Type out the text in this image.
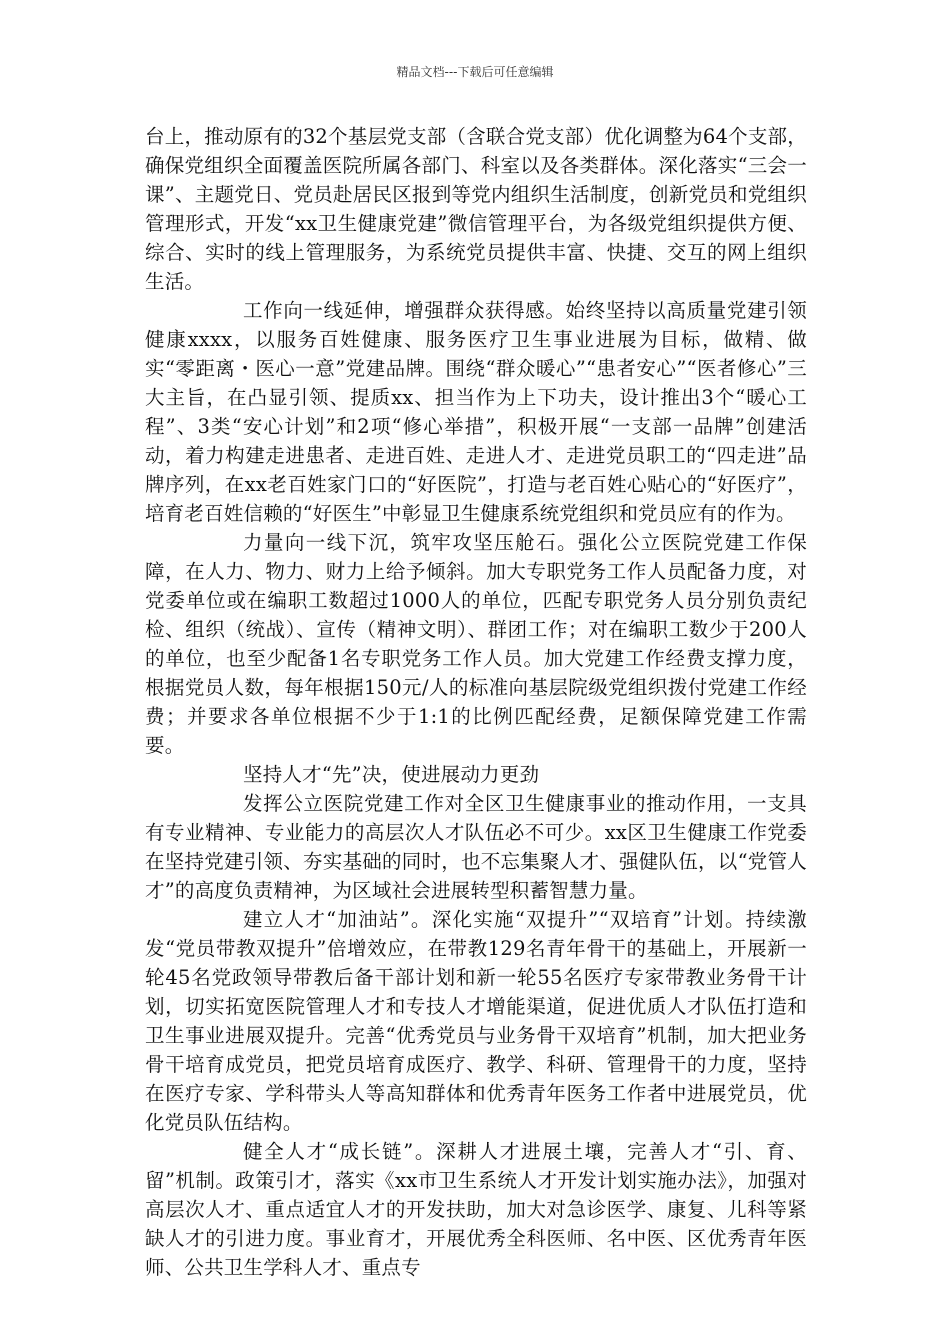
精品文档---下载后可任意编辑

台上，推动原有的32个基层党支部（含联合党支部）优化调整为64个支部，确保党组织全面覆盖医院所属各部门、科室以及各类群体。深化落实“三会一课”、主题党日、党员赴居民区报到等党内组织生活制度，创新党员和党组织管理形式，开发“xx卫生健康党建”微信管理平台，为各级党组织提供方便、综合、实时的线上管理服务，为系统党员提供丰富、快捷、交互的网上组织生活。

工作向一线延伸，增强群众获得感。始终坚持以高质量党建引领健康xxxx，以服务百姓健康、服务医疗卫生事业进展为目标，做精、做实“零距离・医心一意”党建品牌。围绕“群众暖心”“患者安心”“医者修心”三大主旨，在凸显引领、提质xx、担当作为上下功夫，设计推出3个“暖心工程”、3类“安心计划”和2项“修心举措”，积极开展“一支部一品牌”创建活动，着力构建走进患者、走进百姓、走进人才、走进党员职工的“四走进”品牌序列，在xx老百姓家门口的“好医院”，打造与老百姓心贴心的“好医疗”，培育老百姓信赖的“好医生”中彰显卫生健康系统党组织和党员应有的作为。

力量向一线下沉，筑牢攻坚压舱石。强化公立医院党建工作保障，在人力、物力、财力上给予倾斜。加大专职党务工作人员配备力度，对党委单位或在编职工数超过1000人的单位，匹配专职党务人员分别负责纪检、组织（统战）、宣传（精神文明）、群团工作；对在编职工数少于200人的单位，也至少配备1名专职党务工作人员。加大党建工作经费支撑力度，根据党员人数，每年根据150元/人的标准向基层院级党组织拨付党建工作经费；并要求各单位根据不少于1:1的比例匹配经费，足额保障党建工作需要。

坚持人才“先”决，使进展动力更劲

发挥公立医院党建工作对全区卫生健康事业的推动作用，一支具有专业精神、专业能力的高层次人才队伍必不可少。xx区卫生健康工作党委在坚持党建引领、夯实基础的同时，也不忘集聚人才、强健队伍，以“党管人才”的高度负责精神，为区域社会进展转型积蓄智慧力量。

建立人才“加油站”。深化实施“双提升”“双培育”计划。持续激发“党员带教双提升”倍增效应，在带教129名青年骨干的基础上，开展新一轮45名党政领导带教后备干部计划和新一轮55名医疗专家带教业务骨干计划，切实拓宽医院管理人才和专技人才增能渠道，促进优质人才队伍打造和卫生事业进展双提升。完善“优秀党员与业务骨干双培育”机制，加大把业务骨干培育成党员，把党员培育成医疗、教学、科研、管理骨干的力度，坚持在医疗专家、学科带头人等高知群体和优秀青年医务工作者中进展党员，优化党员队伍结构。

健全人才“成长链”。深耕人才进展土壤，完善人才“引、育、留”机制。政策引才，落实《xx市卫生系统人才开发计划实施办法》，加强对高层次人才、重点适宜人才的开发扶助，加大对急诊医学、康复、儿科等紧缺人才的引进力度。事业育才，开展优秀全科医师、名中医、区优秀青年医师、公共卫生学科人才、重点专
